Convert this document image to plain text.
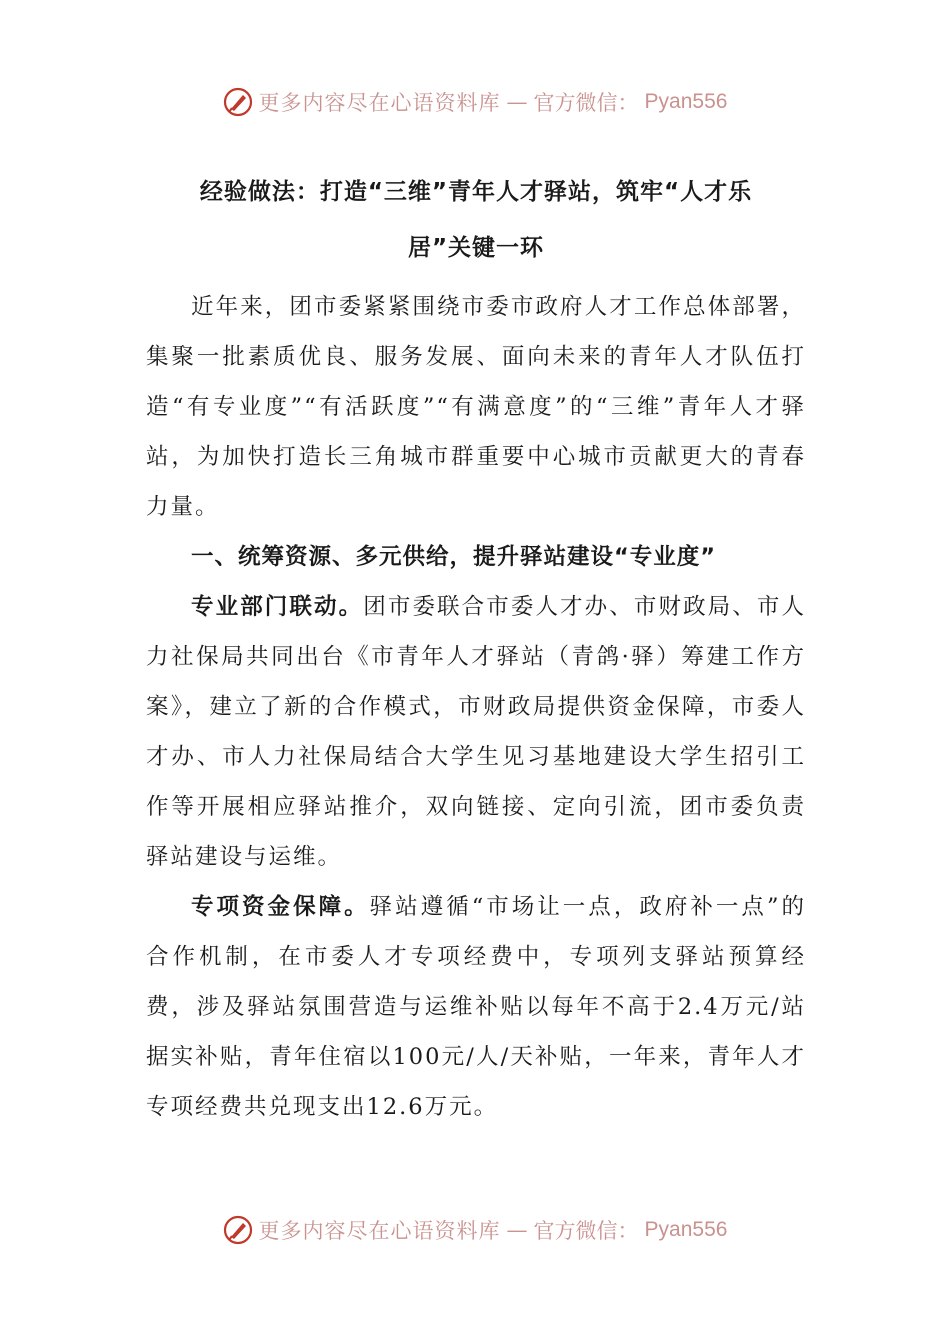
更多内容尽在心语资料库 — 官方微信： Pyan556

经验做法：打造“三维”青年人才驿站，筑牢“人才乐

居”关键一环

近年来，团市委紧紧围绕市委市政府人才工作总体部署，集聚一批素质优良、服务发展、面向未来的青年人才队伍打造“有专业度”“有活跃度”“有满意度”的“三维”青年人才驿站，为加快打造长三角城市群重要中心城市贡献更大的青春力量。

一、统筹资源、多元供给，提升驿站建设“专业度”

专业部门联动。团市委联合市委人才办、市财政局、市人力社保局共同出台《市青年人才驿站（青鸽·驿）筹建工作方案》，建立了新的合作模式，市财政局提供资金保障，市委人才办、市人力社保局结合大学生见习基地建设大学生招引工作等开展相应驿站推介，双向链接、定向引流，团市委负责驿站建设与运维。

专项资金保障。驿站遵循“市场让一点，政府补一点”的合作机制，在市委人才专项经费中，专项列支驿站预算经费，涉及驿站氛围营造与运维补贴以每年不高于2.4万元/站据实补贴，青年住宿以100元/人/天补贴，一年来，青年人才专项经费共兑现支出12.6万元。

更多内容尽在心语资料库 — 官方微信： Pyan556
